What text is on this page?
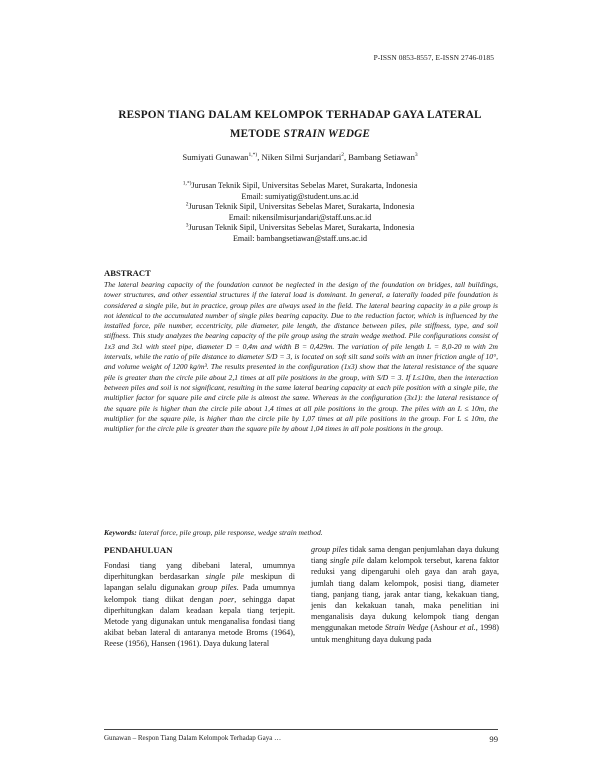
P-ISSN 0853-8557, E-ISSN 2746-0185
RESPON TIANG DALAM KELOMPOK TERHADAP GAYA LATERAL
METODE STRAIN WEDGE
Sumiyati Gunawan$^{1,*)}$, Niken Silmi Surjandari$^2$, Bambang Setiawan$^3$
$^{1,*)}$Jurusan Teknik Sipil, Universitas Sebelas Maret, Surakarta, Indonesia
Email: sumiyatig@student.uns.ac.id
$^2$Jurusan Teknik Sipil, Universitas Sebelas Maret, Surakarta, Indonesia
Email: nikensilmisurjandari@staff.uns.ac.id
$^3$Jurusan Teknik Sipil, Universitas Sebelas Maret, Surakarta, Indonesia
Email: bambangsetiawan@staff.uns.ac.id
ABSTRACT
The lateral bearing capacity of the foundation cannot be neglected in the design of the foundation on bridges, tall buildings, tower structures, and other essential structures if the lateral load is dominant. In general, a laterally loaded pile foundation is considered a single pile, but in practice, group piles are always used in the field. The lateral bearing capacity in a pile group is not identical to the accumulated number of single piles bearing capacity. Due to the reduction factor, which is influenced by the installed force, pile number, eccentricity, pile diameter, pile length, the distance between piles, pile stiffness, type, and soil stiffness. This study analyzes the bearing capacity of the pile group using the strain wedge method. Pile configurations consist of 1x3 and 3x1 with steel pipe, diameter D = 0,4m and width B = 0,429m. The variation of pile length L = 8,0-20 m with 2m intervals, while the ratio of pile distance to diameter S/D = 3, is located on soft silt sand soils with an inner friction angle of 10°, and volume weight of 1200 kg/m³. The results presented in the configuration (1x3) show that the lateral resistance of the square pile is greater than the circle pile about 2,1 times at all pile positions in the group, with S/D = 3. If L≤10m, then the interaction between piles and soil is not significant, resulting in the same lateral bearing capacity at each pile position with a single pile, the multiplier factor for square pile and circle pile is almost the same. Whereas in the configuration (3x1): the lateral resistance of the square pile is higher than the circle pile about 1,4 times at all pile positions in the group. The piles with an L ≤ 10m, the multiplier for the square pile, is higher than the circle pile by 1,07 times at all pile positions in the group. For L ≤ 10m, the multiplier for the circle pile is greater than the square pile by about 1,04 times in all pole positions in the group.
Keywords: lateral force, pile group, pile response, wedge strain method.
PENDAHULUAN
Fondasi tiang yang dibebani lateral, umumnya diperhitungkan berdasarkan single pile meskipun di lapangan selalu digunakan group piles. Pada umumnya kelompok tiang diikat dengan poer, sehingga dapat diperhitungkan dalam keadaan kepala tiang terjepit. Metode yang digunakan untuk menganalisa fondasi tiang akibat beban lateral di antaranya metode Broms (1964), Reese (1956), Hansen (1961). Daya dukung lateral
group piles tidak sama dengan penjumlahan daya dukung tiang single pile dalam kelompok tersebut, karena faktor reduksi yang dipengaruhi oleh gaya dan arah gaya, jumlah tiang dalam kelompok, posisi tiang, diameter tiang, panjang tiang, jarak antar tiang, kekakuan tiang, jenis dan kekakuan tanah, maka penelitian ini menganalisis daya dukung kelompok tiang dengan menggunakan metode Strain Wedge (Ashour et al., 1998) untuk menghitung daya dukung pada
Gunawan – Respon Tiang Dalam Kelompok Terhadap Gaya …	99
